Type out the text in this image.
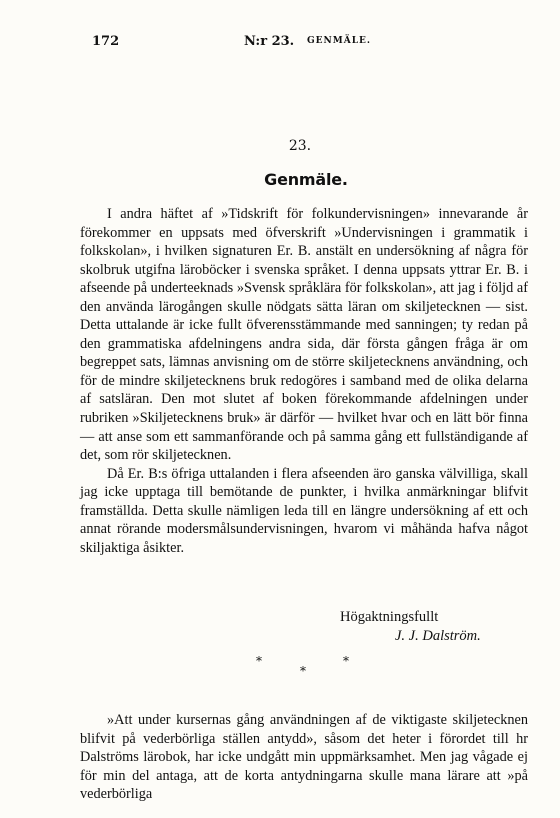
172	N:r 23. GENMÄLE.
23.
Genmäle.

I andra häftet af »Tidskrift för folkundervisningen» innevarande år förekommer en uppsats med öfverskrift »Undervisningen i grammatik i folkskolan», i hvilken signaturen Er. B. anstält en undersökning af några för skolbruk utgifna läroböcker i svenska språket. I denna uppsats yttrar Er. B. i afseende på underteeknads »Svensk språklära för folkskolan», att jag i följd af den använda lärogången skulle nödgats sätta läran om skiljetecknen — sist. Detta uttalande är icke fullt öfverensstämmande med sanningen; ty redan på den grammatiska afdelningens andra sida, där första gången fråga är om begreppet sats, lämnas anvisning om de större skiljetecknens användning, och för de mindre skiljetecknens bruk redogöres i samband med de olika delarna af satsläran. Den mot slutet af boken förekommande afdelningen under rubriken »Skiljetecknens bruk» är därför — hvilket hvar och en lätt bör finna — att anse som ett sammanförande och på samma gång ett fullständigande af det, som rör skiljetecknen.

Då Er. B:s öfriga uttalanden i flera afseenden äro ganska välvilliga, skall jag icke upptaga till bemötande de punkter, i hvilka anmärkningar blifvit framställda. Detta skulle nämligen leda till en längre undersökning af ett och annat rörande modersmålsundervisningen, hvarom vi måhända hafva något skiljaktiga åsikter.

Högaktningsfullt
J. J. Dalström.
*
*
*

»Att under kursernas gång användningen af de viktigaste skiljetecknen blifvit på vederbörliga ställen antydd», såsom det heter i förordet till hr Dalströms lärobok, har icke undgått min uppmärksamhet. Men jag vågade ej för min del antaga, att de korta antydningarna skulle mana lärare att »på vederbörliga
